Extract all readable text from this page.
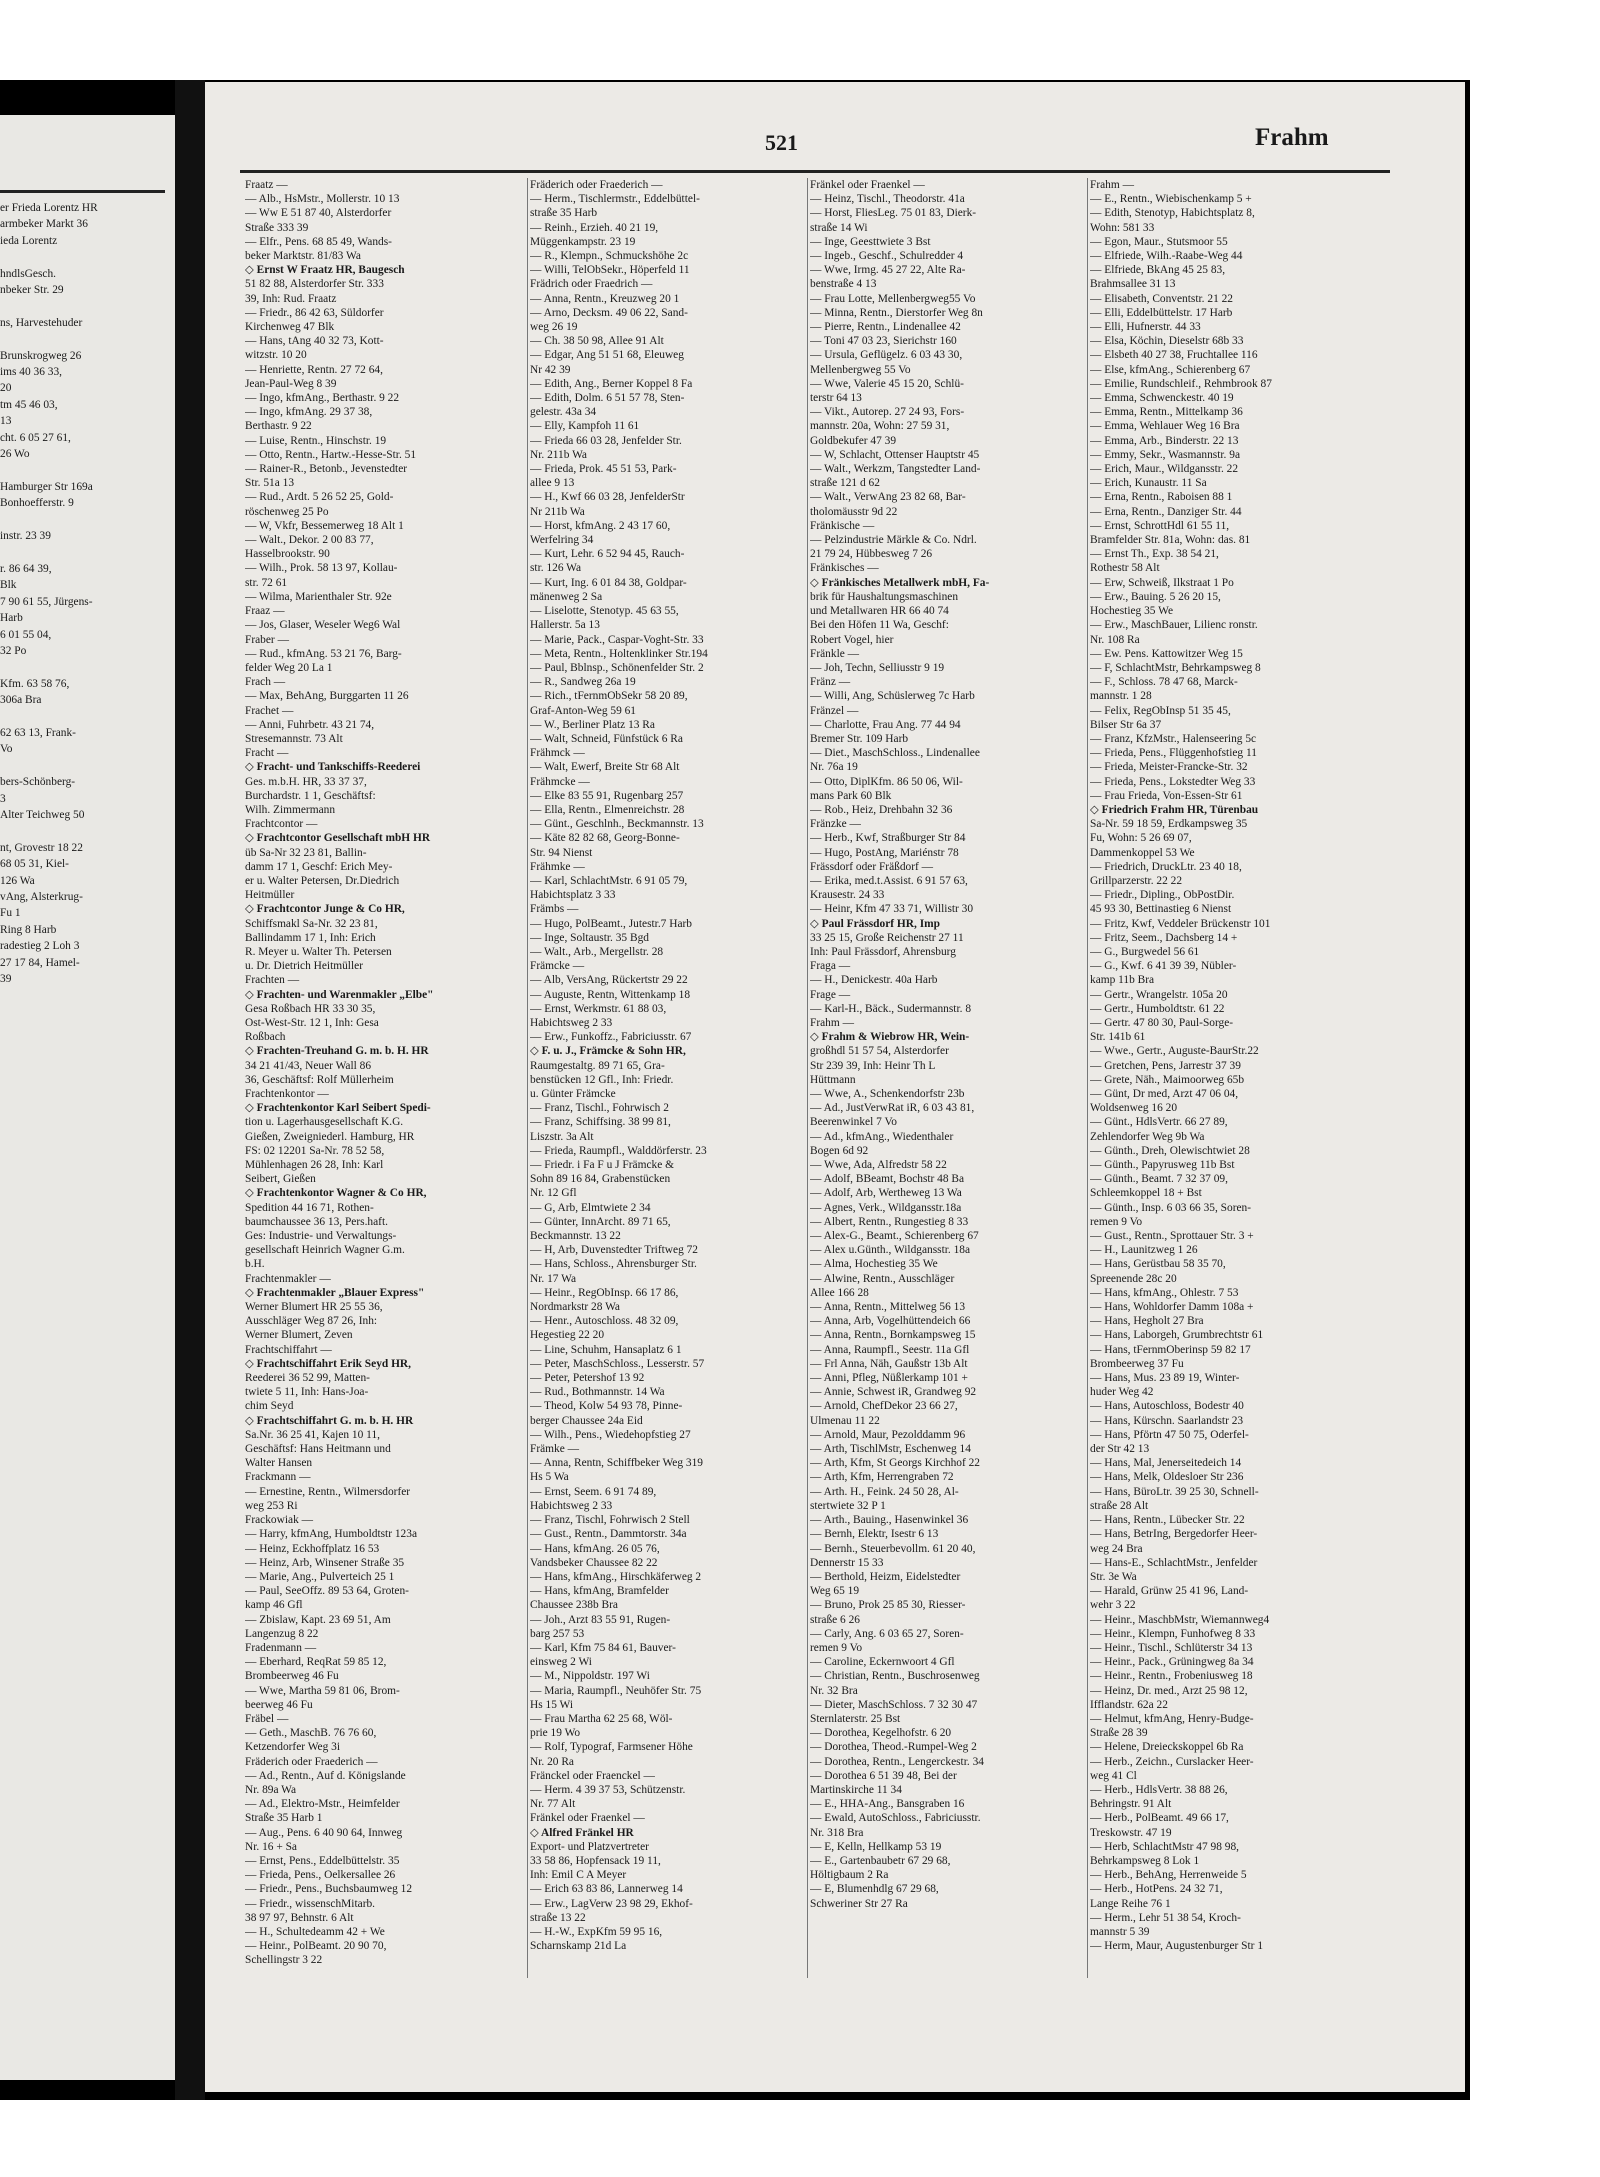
er Frieda Lorentz HR
armbeker Markt 36
ieda Lorentz

hndlsGesch.
nbeker Str. 29

ns, Harvestehuder

Brunskrogweg 26
ims 40 36 33,
20
tm 45 46 03,
13
cht. 6 05 27 61,
26 Wo

Hamburger Str 169a
Bonhoefferstr. 9

instr. 23 39

r. 86 64 39,
Blk
7 90 61 55, Jürgens-
Harb
6 01 55 04,
32 Po

Kfm. 63 58 76,
306a Bra

62 63 13, Frank-
Vo

bers-Schönberg-
3
Alter Teichweg 50

nt, Grovestr 18 22
68 05 31, Kiel-
126 Wa
vAng, Alsterkrug-
Fu 1
Ring 8 Harb
radestieg 2 Loh 3
27 17 84, Hamel-
39
521	Frahm
Fraatz —
— Alb., HsMstr., Mollerstr. 10 13
— Ww E 51 87 40, Alsterdorfer
Straße 333 39
— Elfr., Pens. 68 85 49, Wands-
beker Marktstr. 81/83 Wa
◇ Ernst W Fraatz HR, Baugesch
51 82 88, Alsterdorfer Str. 333
39, Inh: Rud. Fraatz
— Friedr., 86 42 63, Süldorfer
Kirchenweg 47 Blk
— Hans, tAng 40 32 73, Kott-
witzstr. 10 20
— Henriette, Rentn. 27 72 64,
Jean-Paul-Weg 8 39
— Ingo, kfmAng., Berthastr. 9 22
— Ingo, kfmAng. 29 37 38,
Berthastr. 9 22
— Luise, Rentn., Hinschstr. 19
— Otto, Rentn., Hartw.-Hesse-Str. 51
— Rainer-R., Betonb., Jevenstedter
Str. 51a 13
— Rud., Ardt. 5 26 52 25, Gold-
röschenweg 25 Po
— W, Vkfr, Bessemerweg 18 Alt 1
— Walt., Dekor. 2 00 83 77,
Hasselbrookstr. 90
— Wilh., Prok. 58 13 97, Kollau-
str. 72 61
— Wilma, Marienthaler Str. 92e
Fraaz —
— Jos, Glaser, Weseler Weg6 Wal
Fraber —
— Rud., kfmAng. 53 21 76, Barg-
felder Weg 20 La 1
Frach —
— Max, BehAng, Burggarten 11 26
Frachet —
— Anni, Fuhrbetr. 43 21 74,
Stresemannstr. 73 Alt
Fracht —
◇ Fracht- und Tankschiffs-Reederei
Ges. m.b.H. HR, 33 37 37,
Burchardstr. 1 1, Geschäftsf:
Wilh. Zimmermann
Frachtcontor —
◇ Frachtcontor Gesellschaft mbH HR
üb Sa-Nr 32 23 81, Ballin-
damm 17 1, Geschf: Erich Mey-
er u. Walter Petersen, Dr.Diedrich
Heitmüller
◇ Frachtcontor Junge & Co HR,
Schiffsmakl Sa-Nr. 32 23 81,
Ballindamm 17 1, Inh: Erich
R. Meyer u. Walter Th. Petersen
u. Dr. Dietrich Heitmüller
Frachten —
◇ Frachten- und Warenmakler „Elbe"
Gesa Roßbach HR 33 30 35,
Ost-West-Str. 12 1, Inh: Gesa
Roßbach
◇ Frachten-Treuhand G. m. b. H. HR
34 21 41/43, Neuer Wall 86
36, Geschäftsf: Rolf Müllerheim
Frachtenkontor —
◇ Frachtenkontor Karl Seibert Spedi-
tion u. Lagerhausgesellschaft K.G.
Gießen, Zweigniederl. Hamburg, HR
FS: 02 12201 Sa-Nr. 78 52 58,
Mühlenhagen 26 28, Inh: Karl
Seibert, Gießen
◇ Frachtenkontor Wagner & Co HR,
Spedition 44 16 71, Rothen-
baumchaussee 36 13, Pers.haft.
Ges: Industrie- und Verwaltungs-
gesellschaft Heinrich Wagner G.m.
b.H.
Frachtenmakler —
◇ Frachtenmakler „Blauer Express"
Werner Blumert HR 25 55 36,
Ausschläger Weg 87 26, Inh:
Werner Blumert, Zeven
Frachtschiffahrt —
◇ Frachtschiffahrt Erik Seyd HR,
Reederei 36 52 99, Matten-
twiete 5 11, Inh: Hans-Joa-
chim Seyd
◇ Frachtschiffahrt G. m. b. H. HR
Sa.Nr. 36 25 41, Kajen 10 11,
Geschäftsf: Hans Heitmann und
Walter Hansen
Frackmann —
— Ernestine, Rentn., Wilmersdorfer
weg 253 Ri
Frackowiak —
— Harry, kfmAng, Humboldtstr 123a
— Heinz, Eckhoffplatz 16 53
— Heinz, Arb, Winsener Straße 35
— Marie, Ang., Pulverteich 25 1
— Paul, SeeOffz. 89 53 64, Groten-
kamp 46 Gfl
— Zbislaw, Kapt. 23 69 51, Am
Langenzug 8 22
Fradenmann —
— Eberhard, ReqRat 59 85 12,
Brombeerweg 46 Fu
— Wwe, Martha 59 81 06, Brom-
beerweg 46 Fu
Fräbel —
— Geth., MaschB. 76 76 60,
Ketzendorfer Weg 3i
Fräderich oder Fraederich —
— Ad., Rentn., Auf d. Königslande
Nr. 89a Wa
— Ad., Elektro-Mstr., Heimfelder
Straße 35 Harb 1
— Aug., Pens. 6 40 90 64, Innweg
Nr. 16 + Sa
— Ernst, Pens., Eddelbüttelstr. 35
— Frieda, Pens., Oelkersallee 26
— Friedr., Pens., Buchsbaumweg 12
— Friedr., wissenschMitarb.
38 97 97, Behnstr. 6 Alt
— H., Schultedeamm 42 + We
— Heinr., PolBeamt. 20 90 70,
Schellingstr 3 22
Fräderich oder Fraederich —
— Herm., Tischlermstr., Eddelbüttel-
straße 35 Harb
— Reinh., Erzieh. 40 21 19,
Müggenkampstr. 23 19
— R., Klempn., Schmuckshöhe 2c
— Willi, TelObSekr., Höperfeld 11
Frädrich oder Fraedrich —
— Anna, Rentn., Kreuzweg 20 1
— Arno, Decksm. 49 06 22, Sand-
weg 26 19
— Ch. 38 50 98, Allee 91 Alt
— Edgar, Ang 51 51 68, Eleuweg
Nr 42 39
— Edith, Ang., Berner Koppel 8 Fa
— Edith, Dolm. 6 51 57 78, Sten-
gelestr. 43a 34
— Elly, Kampfoh 11 61
— Frieda 66 03 28, Jenfelder Str.
Nr. 211b Wa
— Frieda, Prok. 45 51 53, Park-
allee 9 13
— H., Kwf 66 03 28, JenfelderStr
Nr 211b Wa
— Horst, kfmAng. 2 43 17 60,
Werfelring 34
— Kurt, Lehr. 6 52 94 45, Rauch-
str. 126 Wa
— Kurt, Ing. 6 01 84 38, Goldpar-
mänenweg 2 Sa
— Liselotte, Stenotyp. 45 63 55,
Hallerstr. 5a 13
— Marie, Pack., Caspar-Voght-Str. 33
— Meta, Rentn., Holtenklinker Str.194
— Paul, Bblnsp., Schönenfelder Str. 2
— R., Sandweg 26a 19
— Rich., tFernmObSekr 58 20 89,
Graf-Anton-Weg 59 61
— W., Berliner Platz 13 Ra
— Walt, Schneid, Fünfstück 6 Ra
Frähmck —
— Walt, Ewerf, Breite Str 68 Alt
Frähmcke —
— Elke 83 55 91, Rugenbarg 257
— Ella, Rentn., Elmenreichstr. 28
— Günt., Geschlnh., Beckmannstr. 13
— Käte 82 82 68, Georg-Bonne-
Str. 94 Nienst
Frähmke —
— Karl, SchlachtMstr. 6 91 05 79,
Habichtsplatz 3 33
Främbs —
— Hugo, PolBeamt., Jutestr.7 Harb
— Inge, Soltaustr. 35 Bgd
— Walt., Arb., Mergellstr. 28
Främcke —
— Alb, VersAng, Rückertstr 29 22
— Auguste, Rentn, Wittenkamp 18
— Ernst, Werkmstr. 61 88 03,
Habichtsweg 2 33
— Erw., Funkoffz., Fabriciusstr. 67
◇ F. u. J., Främcke & Sohn HR,
Raumgestaltg. 89 71 65, Gra-
benstücken 12 Gfl., Inh: Friedr.
u. Günter Främcke
— Franz, Tischl., Fohrwisch 2
— Franz, Schiffsing. 38 99 81,
Liszstr. 3a Alt
— Frieda, Raumpfl., Walddörferstr. 23
— Friedr. i Fa F u J Främcke &
Sohn 89 16 84, Grabenstücken
Nr. 12 Gfl
— G, Arb, Elmtwiete 2 34
— Günter, InnArcht. 89 71 65,
Beckmannstr. 13 22
— H, Arb, Duvenstedter Triftweg 72
— Hans, Schloss., Ahrensburger Str.
Nr. 17 Wa
— Heinr., RegObInsp. 66 17 86,
Nordmarkstr 28 Wa
— Henr., Autoschloss. 48 32 09,
Hegestieg 22 20
— Line, Schuhm, Hansaplatz 6 1
— Peter, MaschSchloss., Lesserstr. 57
— Peter, Petershof 13 92
— Rud., Bothmannstr. 14 Wa
— Theod, Kolw 54 93 78, Pinne-
berger Chaussee 24a Eid
— Wilh., Pens., Wiedehopfstieg 27
Främke —
— Anna, Rentn, Schiffbeker Weg 319
Hs 5 Wa
— Ernst, Seem. 6 91 74 89,
Habichtsweg 2 33
— Franz, Tischl, Fohrwisch 2 Stell
— Gust., Rentn., Dammtorstr. 34a
— Hans, kfmAng. 26 05 76,
Vandsbeker Chaussee 82 22
— Hans, kfmAng., Hirschkäferweg 2
— Hans, kfmAng, Bramfelder
Chaussee 238b Bra
— Joh., Arzt 83 55 91, Rugen-
barg 257 53
— Karl, Kfm 75 84 61, Bauver-
einsweg 2 Wi
— M., Nippoldstr. 197 Wi
— Maria, Raumpfl., Neuhöfer Str. 75
Hs 15 Wi
— Frau Martha 62 25 68, Wöl-
prie 19 Wo
— Rolf, Typograf, Farmsener Höhe
Nr. 20 Ra
Fränckel oder Fraenckel —
— Herm. 4 39 37 53, Schützenstr.
Nr. 77 Alt
Fränkel oder Fraenkel —
◇ Alfred Fränkel HR
Export- und Platzvertreter
33 58 86, Hopfensack 19 11,
Inh: Emil C A Meyer
— Erich 63 83 86, Lannerweg 14
— Erw., LagVerw 23 98 29, Ekhof-
straße 13 22
— H.-W., ExpKfm 59 95 16,
Scharnskamp 21d La
Fränkel oder Fraenkel —
— Heinz, Tischl., Theodorstr. 41a
— Horst, FliesLeg. 75 01 83, Dierk-
straße 14 Wi
— Inge, Geesttwiete 3 Bst
— Ingeb., Geschf., Schulredder 4
— Wwe, Irmg. 45 27 22, Alte Ra-
benstraße 4 13
— Frau Lotte, Mellenbergweg55 Vo
— Minna, Rentn., Dierstorfer Weg 8n
— Pierre, Rentn., Lindenallee 42
— Toni 47 03 23, Sierichstr 160
— Ursula, Geflügelz. 6 03 43 30,
Mellenbergweg 55 Vo
— Wwe, Valerie 45 15 20, Schlü-
terstr 64 13
— Vikt., Autorep. 27 24 93, Fors-
mannstr. 20a, Wohn: 27 59 31,
Goldbekufer 47 39
— W, Schlacht, Ottenser Hauptstr 45
— Walt., Werkzm, Tangstedter Land-
straße 121 d 62
— Walt., VerwAng 23 82 68, Bar-
tholomäusstr 9d 22
Fränkische —
— Pelzindustrie Märkle & Co. Ndrl.
21 79 24, Hübbesweg 7 26
Fränkisches —
◇ Fränkisches Metallwerk mbH, Fa-
brik für Haushaltungsmaschinen
und Metallwaren HR 66 40 74
Bei den Höfen 11 Wa, Geschf:
Robert Vogel, hier
Fränkle —
— Joh, Techn, Selliusstr 9 19
Fränz —
— Willi, Ang, Schüslerweg 7c Harb
Fränzel —
— Charlotte, Frau Ang. 77 44 94
Bremer Str. 109 Harb
— Diet., MaschSchloss., Lindenallee
Nr. 76a 19
— Otto, DiplKfm. 86 50 06, Wil-
mans Park 60 Blk
— Rob., Heiz, Drehbahn 32 36
Fränzke —
— Herb., Kwf, Straßburger Str 84
— Hugo, PostAng, Mariénstr 78
Frässdorf oder Fräßdorf —
— Erika, med.t.Assist. 6 91 57 63,
Krausestr. 24 33
— Heinr, Kfm 47 33 71, Willistr 30
◇ Paul Frässdorf HR, Imp
33 25 15, Große Reichenstr 27 11
Inh: Paul Frässdorf, Ahrensburg
Fraga —
— H., Denickestr. 40a Harb
Frage —
— Karl-H., Bäck., Sudermannstr. 8
Frahm —
◇ Frahm & Wiebrow HR, Wein-
großhdl 51 57 54, Alsterdorfer
Str 239 39, Inh: Heinr Th L
Hüttmann
— Wwe, A., Schenkendorfstr 23b
— Ad., JustVerwRat iR, 6 03 43 81,
Beerenwinkel 7 Vo
— Ad., kfmAng., Wiedenthaler
Bogen 6d 92
— Wwe, Ada, Alfredstr 58 22
— Adolf, BBeamt, Bochstr 48 Ba
— Adolf, Arb, Wertheweg 13 Wa
— Agnes, Verk., Wildgansstr.18a
— Albert, Rentn., Rungestieg 8 33
— Alex-G., Beamt., Schierenberg 67
— Alex u.Günth., Wildgansstr. 18a
— Alma, Hochestieg 35 We
— Alwine, Rentn., Ausschläger
Allee 166 28
— Anna, Rentn., Mittelweg 56 13
— Anna, Arb, Vogelhüttendeich 66
— Anna, Rentn., Bornkampsweg 15
— Anna, Raumpfl., Seestr. 11a Gfl
— Frl Anna, Näh, Gaußstr 13b Alt
— Anni, Pfleg, Nüßlerkamp 101 +
— Annie, Schwest iR, Grandweg 92
— Arnold, ChefDekor 23 66 27,
Ulmenau 11 22
— Arnold, Maur, Pezolddamm 96
— Arth, TischlMstr, Eschenweg 14
— Arth, Kfm, St Georgs Kirchhof 22
— Arth, Kfm, Herrengraben 72
— Arth. H., Feink. 24 50 28, Al-
stertwiete 32 P 1
— Arth., Bauing., Hasenwinkel 36
— Bernh, Elektr, Isestr 6 13
— Bernh., Steuerbevollm. 61 20 40,
Dennerstr 15 33
— Berthold, Heizm, Eidelstedter
Weg 65 19
— Bruno, Prok 25 85 30, Riesser-
straße 6 26
— Carly, Ang. 6 03 65 27, Soren-
remen 9 Vo
— Caroline, Eckernwoort 4 Gfl
— Christian, Rentn., Buschrosenweg
Nr. 32 Bra
— Dieter, MaschSchloss. 7 32 30 47
Sternlaterstr. 25 Bst
— Dorothea, Kegelhofstr. 6 20
— Dorothea, Theod.-Rumpel-Weg 2
— Dorothea, Rentn., Lengerckestr. 34
— Dorothea 6 51 39 48, Bei der
Martinskirche 11 34
— E., HHA-Ang., Bansgraben 16
— Ewald, AutoSchloss., Fabriciusstr.
Nr. 318 Bra
— E, Kelln, Hellkamp 53 19
— E., Gartenbaubetr 67 29 68,
Höltigbaum 2 Ra
— E, Blumenhdlg 67 29 68,
Schweriner Str 27 Ra
Frahm —
— E., Rentn., Wiebischenkamp 5 +
— Edith, Stenotyp, Habichtsplatz 8,
Wohn: 581 33
— Egon, Maur., Stutsmoor 55
— Elfriede, Wilh.-Raabe-Weg 44
— Elfriede, BkAng 45 25 83,
Brahmsallee 31 13
— Elisabeth, Conventstr. 21 22
— Elli, Eddelbüttelstr. 17 Harb
— Elli, Hufnerstr. 44 33
— Elsa, Köchin, Dieselstr 68b 33
— Elsbeth 40 27 38, Fruchtallee 116
— Else, kfmAng., Schierenberg 67
— Emilie, Rundschleif., Rehmbrook 87
— Emma, Schwenckestr. 40 19
— Emma, Rentn., Mittelkamp 36
— Emma, Wehlauer Weg 16 Bra
— Emma, Arb., Binderstr. 22 13
— Emmy, Sekr., Wasmannstr. 9a
— Erich, Maur., Wildgansstr. 22
— Erich, Kunaustr. 11 Sa
— Erna, Rentn., Raboisen 88 1
— Erna, Rentn., Danziger Str. 44
— Ernst, SchrottHdl 61 55 11,
Bramfelder Str. 81a, Wohn: das. 81
— Ernst Th., Exp. 38 54 21,
Rothestr 58 Alt
— Erw, Schweiß, Ilkstraat 1 Po
— Erw., Bauing. 5 26 20 15,
Hochestieg 35 We
— Erw., MaschBauer, Lilienc ronstr.
Nr. 108 Ra
— Ew. Pens. Kattowitzer Weg 15
— F, SchlachtMstr, Behrkampsweg 8
— F., Schloss. 78 47 68, Marck-
mannstr. 1 28
— Felix, RegObInsp 51 35 45,
Bilser Str 6a 37
— Franz, KfzMstr., Halenseering 5c
— Frieda, Pens., Flüggenhofstieg 11
— Frieda, Meister-Francke-Str. 32
— Frieda, Pens., Lokstedter Weg 33
— Frau Frieda, Von-Essen-Str 61
◇ Friedrich Frahm HR, Türenbau
Sa-Nr. 59 18 59, Erdkampsweg 35
Fu, Wohn: 5 26 69 07,
Dammenkoppel 53 We
— Friedrich, DruckLtr. 23 40 18,
Grillparzerstr. 22 22
— Friedr., Dipling., ObPostDir.
45 93 30, Bettinastieg 6 Nienst
— Fritz, Kwf, Veddeler Brückenstr 101
— Fritz, Seem., Dachsberg 14 +
— G., Burgwedel 56 61
— G., Kwf. 6 41 39 39, Nübler-
kamp 11b Bra
— Gertr., Wrangelstr. 105a 20
— Gertr., Humboldtstr. 61 22
— Gertr. 47 80 30, Paul-Sorge-
Str. 141b 61
— Wwe., Gertr., Auguste-BaurStr.22
— Gretchen, Pens, Jarrestr 37 39
— Grete, Näh., Maimoorweg 65b
— Günt, Dr med, Arzt 47 06 04,
Woldsenweg 16 20
— Günt., HdlsVertr. 66 27 89,
Zehlendorfer Weg 9b Wa
— Günth., Dreh, Olewischtwiet 28
— Günth., Papyrusweg 11b Bst
— Günth., Beamt. 7 32 37 09,
Schleemkoppel 18 + Bst
— Günth., Insp. 6 03 66 35, Soren-
remen 9 Vo
— Gust., Rentn., Sprottauer Str. 3 +
— H., Launitzweg 1 26
— Hans, Gerüstbau 58 35 70,
Spreenende 28c 20
— Hans, kfmAng., Ohlestr. 7 53
— Hans, Wohldorfer Damm 108a +
— Hans, Hegholt 27 Bra
— Hans, Laborgeh, Grumbrechtstr 61
— Hans, tFernmOberinsp 59 82 17
Brombeerweg 37 Fu
— Hans, Mus. 23 89 19, Winter-
huder Weg 42
— Hans, Autoschloss, Bodestr 40
— Hans, Kürschn. Saarlandstr 23
— Hans, Pförtn 47 50 75, Oderfel-
der Str 42 13
— Hans, Mal, Jenerseitedeich 14
— Hans, Melk, Oldesloer Str 236
— Hans, BüroLtr. 39 25 30, Schnell-
straße 28 Alt
— Hans, Rentn., Lübecker Str. 22
— Hans, BetrIng, Bergedorfer Heer-
weg 24 Bra
— Hans-E., SchlachtMstr., Jenfelder
Str. 3e Wa
— Harald, Grünw 25 41 96, Land-
wehr 3 22
— Heinr., MaschbMstr, Wiemannweg4
— Heinr., Klempn, Funhofweg 8 33
— Heinr., Tischl., Schlüterstr 34 13
— Heinr., Pack., Grüningweg 8a 34
— Heinr., Rentn., Frobeniusweg 18
— Heinz, Dr. med., Arzt 25 98 12,
Ifflandstr. 62a 22
— Helmut, kfmAng, Henry-Budge-
Straße 28 39
— Helene, Dreieckskoppel 6b Ra
— Herb., Zeichn., Curslacker Heer-
weg 41 Cl
— Herb., HdlsVertr. 38 88 26,
Behringstr. 91 Alt
— Herb., PolBeamt. 49 66 17,
Treskowstr. 47 19
— Herb, SchlachtMstr 47 98 98,
Behrkampsweg 8 Lok 1
— Herb., BehAng, Herrenweide 5
— Herb., HotPens. 24 32 71,
Lange Reihe 76 1
— Herm., Lehr 51 38 54, Kroch-
mannstr 5 39
— Herm, Maur, Augustenburger Str 1
